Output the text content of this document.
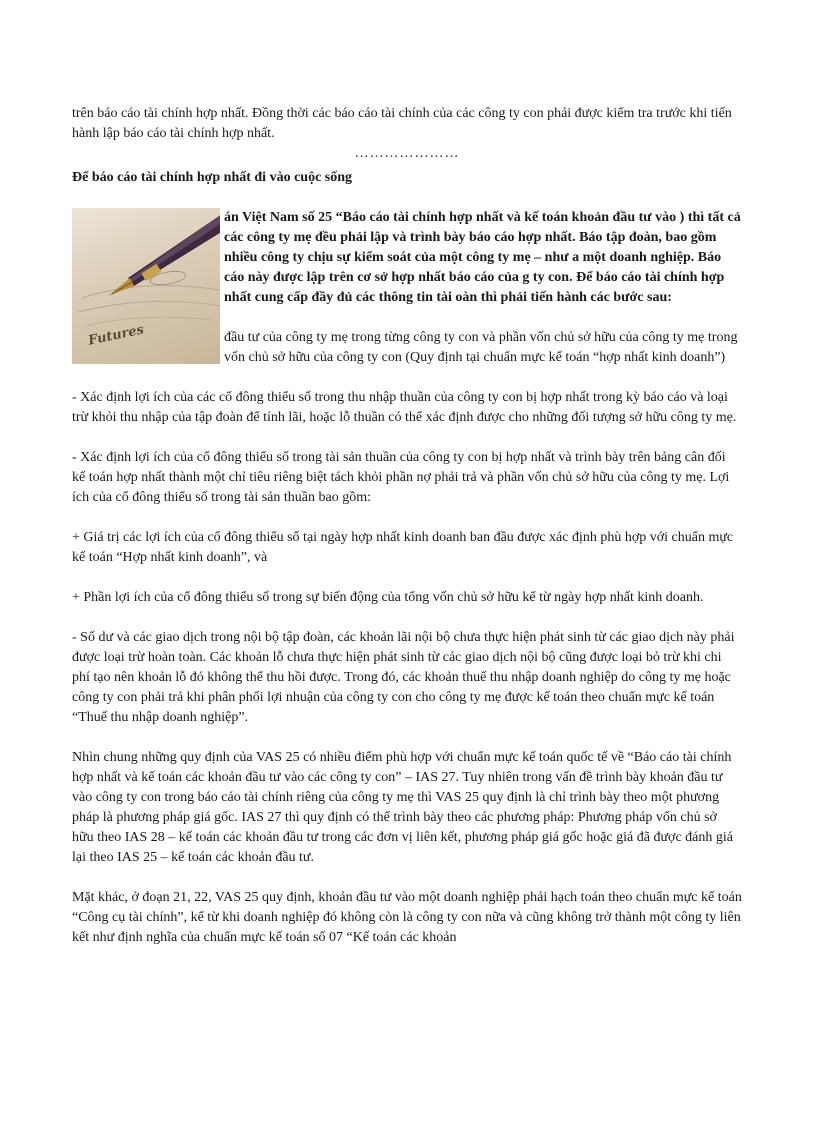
trên báo cáo tài chính hợp nhất. Đồng thời các báo cáo tài chính của các công ty con phải được kiểm tra trước khi tiến hành lập báo cáo tài chính hợp nhất.

…………………

Để báo cáo tài chính hợp nhất đi vào cuộc sống

Futures
án Việt Nam số 25 “Báo cáo tài chính hợp nhất và kế toán khoản đầu tư vào ) thì tất cả các công ty mẹ đều phải lập và trình bày báo cáo hợp nhất. Báo tập đoàn, bao gồm nhiều công ty chịu sự kiểm soát của một công ty mẹ – như a một doanh nghiệp. Báo cáo này được lập trên cơ sở hợp nhất báo cáo của g ty con. Để báo cáo tài chính hợp nhất cung cấp đầy đủ các thông tin tài oàn thì phải tiến hành các bước sau:

đầu tư của công ty mẹ trong từng công ty con và phần vốn chủ sở hữu của công ty mẹ trong vốn chủ sở hữu của công ty con (Quy định tại chuẩn mực kế toán “hợp nhất kinh doanh”)

- Xác định lợi ích của các cổ đông thiểu số trong thu nhập thuần của công ty con bị hợp nhất trong kỳ báo cáo và loại trừ khỏi thu nhập của tập đoàn để tính lãi, hoặc lỗ thuần có thể xác định được cho những đối tượng sở hữu công ty mẹ.

- Xác định lợi ích của cổ đông thiểu số trong tài sản thuần của công ty con bị hợp nhất và trình bày trên bảng cân đối kế toán hợp nhất thành một chỉ tiêu riêng biệt tách khỏi phần nợ phải trả và phần vốn chủ sở hữu của công ty mẹ. Lợi ích của cổ đông thiểu số trong tài sản thuần bao gồm:

+ Giá trị các lợi ích của cổ đông thiểu số tại ngày hợp nhất kinh doanh ban đầu được xác định phù hợp với chuẩn mực kế toán “Hợp nhất kinh doanh”, và

+ Phần lợi ích của cổ đông thiểu số trong sự biến động của tổng vốn chủ sở hữu kể từ ngày hợp nhất kinh doanh.

- Số dư và các giao dịch trong nội bộ tập đoàn, các khoản lãi nội bộ chưa thực hiện phát sinh từ các giao dịch này phải được loại trừ hoàn toàn. Các khoản lỗ chưa thực hiện phát sinh từ các giao dịch nội bộ cũng được loại bỏ trừ khi chi phí tạo nên khoản lỗ đó không thể thu hồi được. Trong đó, các khoản thuế thu nhập doanh nghiệp do công ty mẹ hoặc công ty con phải trả khi phân phối lợi nhuận của công ty con cho công ty mẹ được kế toán theo chuẩn mực kế toán “Thuế thu nhập doanh nghiệp”.

Nhìn chung những quy định của VAS 25 có nhiều điểm phù hợp với chuẩn mực kế toán quốc tế về “Báo cáo tài chính hợp nhất và kế toán các khoản đầu tư vào các công ty con” – IAS 27. Tuy nhiên trong vấn đề trình bày khoản đầu tư vào công ty con trong báo cáo tài chính riêng của công ty mẹ thì VAS 25 quy định là chỉ trình bày theo một phương pháp là phương pháp giá gốc. IAS 27 thì quy định có thể trình bày theo các phương pháp: Phương pháp vốn chủ sở hữu theo IAS 28 – kế toán các khoản đầu tư trong các đơn vị liên kết, phương pháp giá gốc hoặc giá đã được đánh giá lại theo IAS 25 – kế toán các khoản đầu tư.

Mặt khác, ở đoạn 21, 22, VAS 25 quy định, khoản đầu tư vào một doanh nghiệp phải hạch toán theo chuẩn mực kế toán “Công cụ tài chính”, kể từ khi doanh nghiệp đó không còn là công ty con nữa và cũng không trở thành một công ty liên kết như định nghĩa của chuẩn mực kế toán số 07 “Kế toán các khoản
